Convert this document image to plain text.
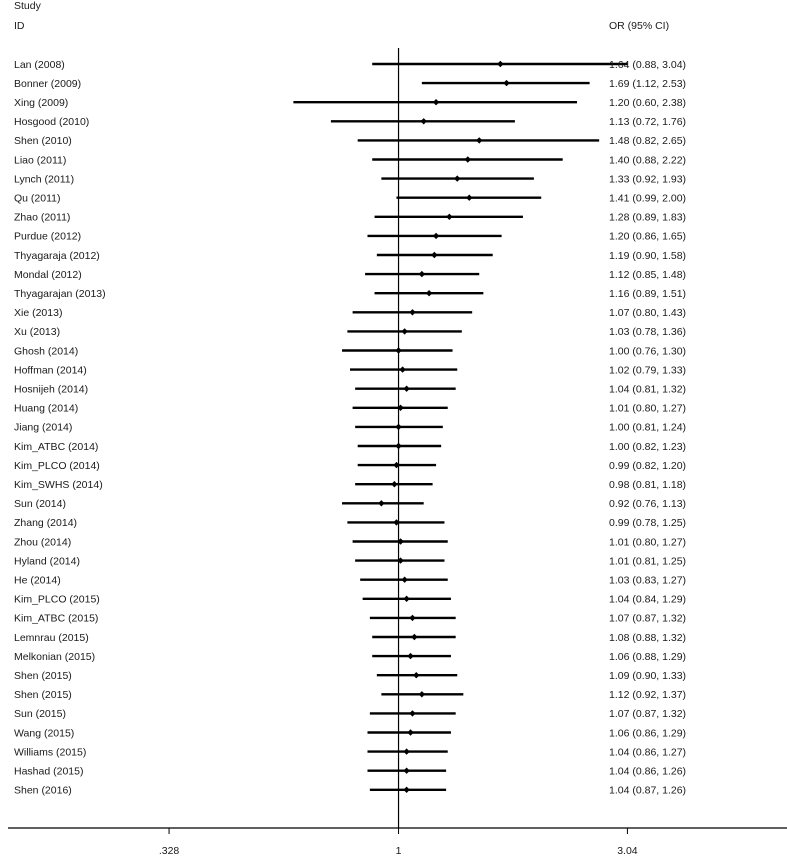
Study
ID	OR (95% CI)
Lan (2008)	1.64 (0.88, 3.04)
Bonner (2009)	1.69 (1.12, 2.53)
Xing (2009)	1.20 (0.60, 2.38)
Hosgood (2010)	1.13 (0.72, 1.76)
Shen (2010)	1.48 (0.82, 2.65)
Liao (2011)	1.40 (0.88, 2.22)
Lynch (2011)	1.33 (0.92, 1.93)
Qu (2011)	1.41 (0.99, 2.00)
Zhao (2011)	1.28 (0.89, 1.83)
Purdue (2012)	1.20 (0.86, 1.65)
Thyagaraja (2012)	1.19 (0.90, 1.58)
Mondal (2012)	1.12 (0.85, 1.48)
Thyagarajan (2013)	1.16 (0.89, 1.51)
Xie (2013)	1.07 (0.80, 1.43)
Xu (2013)	1.03 (0.78, 1.36)
Ghosh (2014)	1.00 (0.76, 1.30)
Hoffman (2014)	1.02 (0.79, 1.33)
Hosnijeh (2014)	1.04 (0.81, 1.32)
Huang (2014)	1.01 (0.80, 1.27)
Jiang (2014)	1.00 (0.81, 1.24)
Kim_ATBC (2014)	1.00 (0.82, 1.23)
Kim_PLCO (2014)	0.99 (0.82, 1.20)
Kim_SWHS (2014)	0.98 (0.81, 1.18)
Sun (2014)	0.92 (0.76, 1.13)
Zhang (2014)	0.99 (0.78, 1.25)
Zhou (2014)	1.01 (0.80, 1.27)
Hyland (2014)	1.01 (0.81, 1.25)
He (2014)	1.03 (0.83, 1.27)
Kim_PLCO (2015)	1.04 (0.84, 1.29)
Kim_ATBC (2015)	1.07 (0.87, 1.32)
Lemnrau (2015)	1.08 (0.88, 1.32)
Melkonian (2015)	1.06 (0.88, 1.29)
Shen (2015)	1.09 (0.90, 1.33)
Shen (2015)	1.12 (0.92, 1.37)
Sun (2015)	1.07 (0.87, 1.32)
Wang (2015)	1.06 (0.86, 1.29)
Williams (2015)	1.04 (0.86, 1.27)
Hashad (2015)	1.04 (0.86, 1.26)
Shen (2016)	1.04 (0.87, 1.26)
.328	1	3.04
